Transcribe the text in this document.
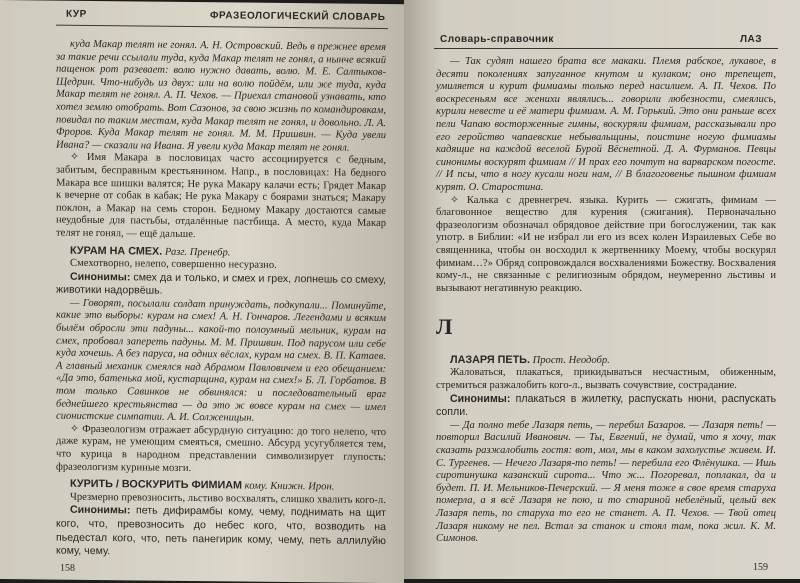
КУР	ФРАЗЕОЛОГИЧЕСКИЙ СЛОВАРЬ

куда Макар телят не гонял. А. Н. Островский. Ведь в прежнее время за такие речи ссылали туда, куда Макар телят не гонял, а нынче всякий пащенок рот разевает: волю нужно давать, волю. М. Е. Салтыков-Щедрин. Что-нибудь из двух: или на волю пойдём, или же туда, куда Макар телят не гонял. А. П. Чехов. — Приехал становой узнавать, кто хотел землю отобрать. Вот Сазонов, за свою жизнь по командировкам, повидал по таким местам, куда Макар телят не гонял, и довольно. Л. А. Фроров. Куда Макар телят не гонял. М. М. Пришвин. — Куда увели Ивана? — сказали на Ивана. Я увели куда Макар телят не гонял.

✧ Имя Макара в пословицах часто ассоциируется с бедным, забитым, бесправным крестьянином. Напр., в пословицах: На бедного Макара все шишки валятся; Не рука Макару калачи есть; Грядет Макар к вечерне от собак в кабак; Не рука Макару с боярами знаться; Макару поклон, а Макар на семь сторон. Бедному Макару достаются самые неудобные для пастьбы, отдалённые пастбища. А место, куда Макар телят не гонял, — ещё дальше.

КУРАМ НА СМЕХ. Разг. Пренебр.

Смехотворно, нелепо, совершенно несуразно.

Синонимы: смех да и только, и смех и грех, лопнешь со смеху, животики надорвёшь.

— Говорят, посылали солдат принуждать, подкупали... Поминуйте, какие это выборы: курам на смех! А. Н. Гончаров. Легендами и всяким былём обросли эти падуны... какой-то полоумный мельник, курам на смех, пробовал запереть падуны. М. М. Пришвин. Под парусом или себе куда хочешь. А без паруса, на одних вёслах, курам на смех. В. П. Катаев. А главный механик смеялся над Абрамом Павловичем и его обещанием: «Да это, батенька мой, кустарщина, курам на смех!» Б. Л. Горбатов. В том только Савинков не обвинялся: и последовательный враг беднейшего крестьянства — да это ж вовсе курам на смех — имел сионистские симпатии. А. И. Солженицын.

✧ Фразеологизм отражает абсурдную ситуацию: до того нелепо, что даже курам, не умеющим смеяться, смешно. Абсурд усугубляется тем, что курица в народном представлении символизирует глупость: фразеологизм куриные мозги.

КУРИТЬ / ВОСКУРИТЬ ФИМИАМ кому. Книжн. Ирон.

Чрезмерно превозносить, льстиво восхвалять, слишко хвалить кого-л.

Синонимы: петь дифирамбы кому, чему, поднимать на щит кого, что, превозносить до небес кого, что, возводить на пьедестал кого, что, петь панегирик кому, чему, петь аллилуйю кому, чему.

158
Словарь-справочник	ЛАЗ

— Так судят нашего брата все макаки. Племя рабское, лукавое, в десяти поколениях запуганное кнутом и кулаком; оно трепещет, умиляется и курит фимиамы только перед насилием. А. П. Чехов. По воскресеньям все женихи являлись... говорили любезности, смеялись, курили невесте и её матери фимиам. А. М. Горький. Это они раньше всех пели Чапаю восторженные гимны, воскуряли фимиам, рассказывали про его геройство чапаевские небывальщины, поистине ногую фимиамы кадящие на каждой веселой Бурой Вёснетной. Д. А. Фурманов. Певцы синонимы воскурят фимиам // И прах его почтут на варварском погосте. // И псы, что в ногу кусали ноги нам, // В благоговенье пышном фимиам курят. О. Старостина.

✧ Калька с древнегреч. языка. Курить — сжигать, фимиам — благовонное вещество для курения (сжигания). Первоначально фразеологизм обозначал обрядовое действие при богослужении, так как употр. в Библии: «И не избрал ли его из всех колен Израилевых Себе во священника, чтобы он восходил к жертвеннику Моему, чтобы воскурял фимиам…?» Обряд сопровождался восхвалениями Божеству. Восхваления кому-л., не связанные с религиозным обрядом, неумеренно льстивы и вызывают негативную реакцию.

Л

ЛАЗАРЯ ПЕТЬ. Прост. Неодобр.

Жаловаться, плакаться, прикидываться несчастным, обиженным, стремиться разжалобить кого-л., вызвать сочувствие, сострадание.

Синонимы: плакаться в жилетку, распускать нюни, распускать сопли.

— Да полно тебе Лазаря петь, — перебил Базаров. — Лазаря петь! — повторил Василий Иванович. — Ты, Евгений, не думай, что я хочу, так сказать разжалобить гостя: вот, мол, мы в каком захолустье живем. И. С. Тургенев. — Нечего Лазаря-то петь! — перебила его Флёнушка. — Ишь сиротинушка казанский сирота... Что ж... Погоревал, поплакал, да и будет. П. И. Мельников-Печерский. — Я меня тоже в свое время старуха померла, а я всё Лазаря не пою, и то стариной небелёный, целый век Лазаря петь, по старуха то его не станет. А. П. Чехов. — Твой отец Лазаря никому не пел. Встал за станок и стоял там, пока жил. К. М. Симонов.

159
